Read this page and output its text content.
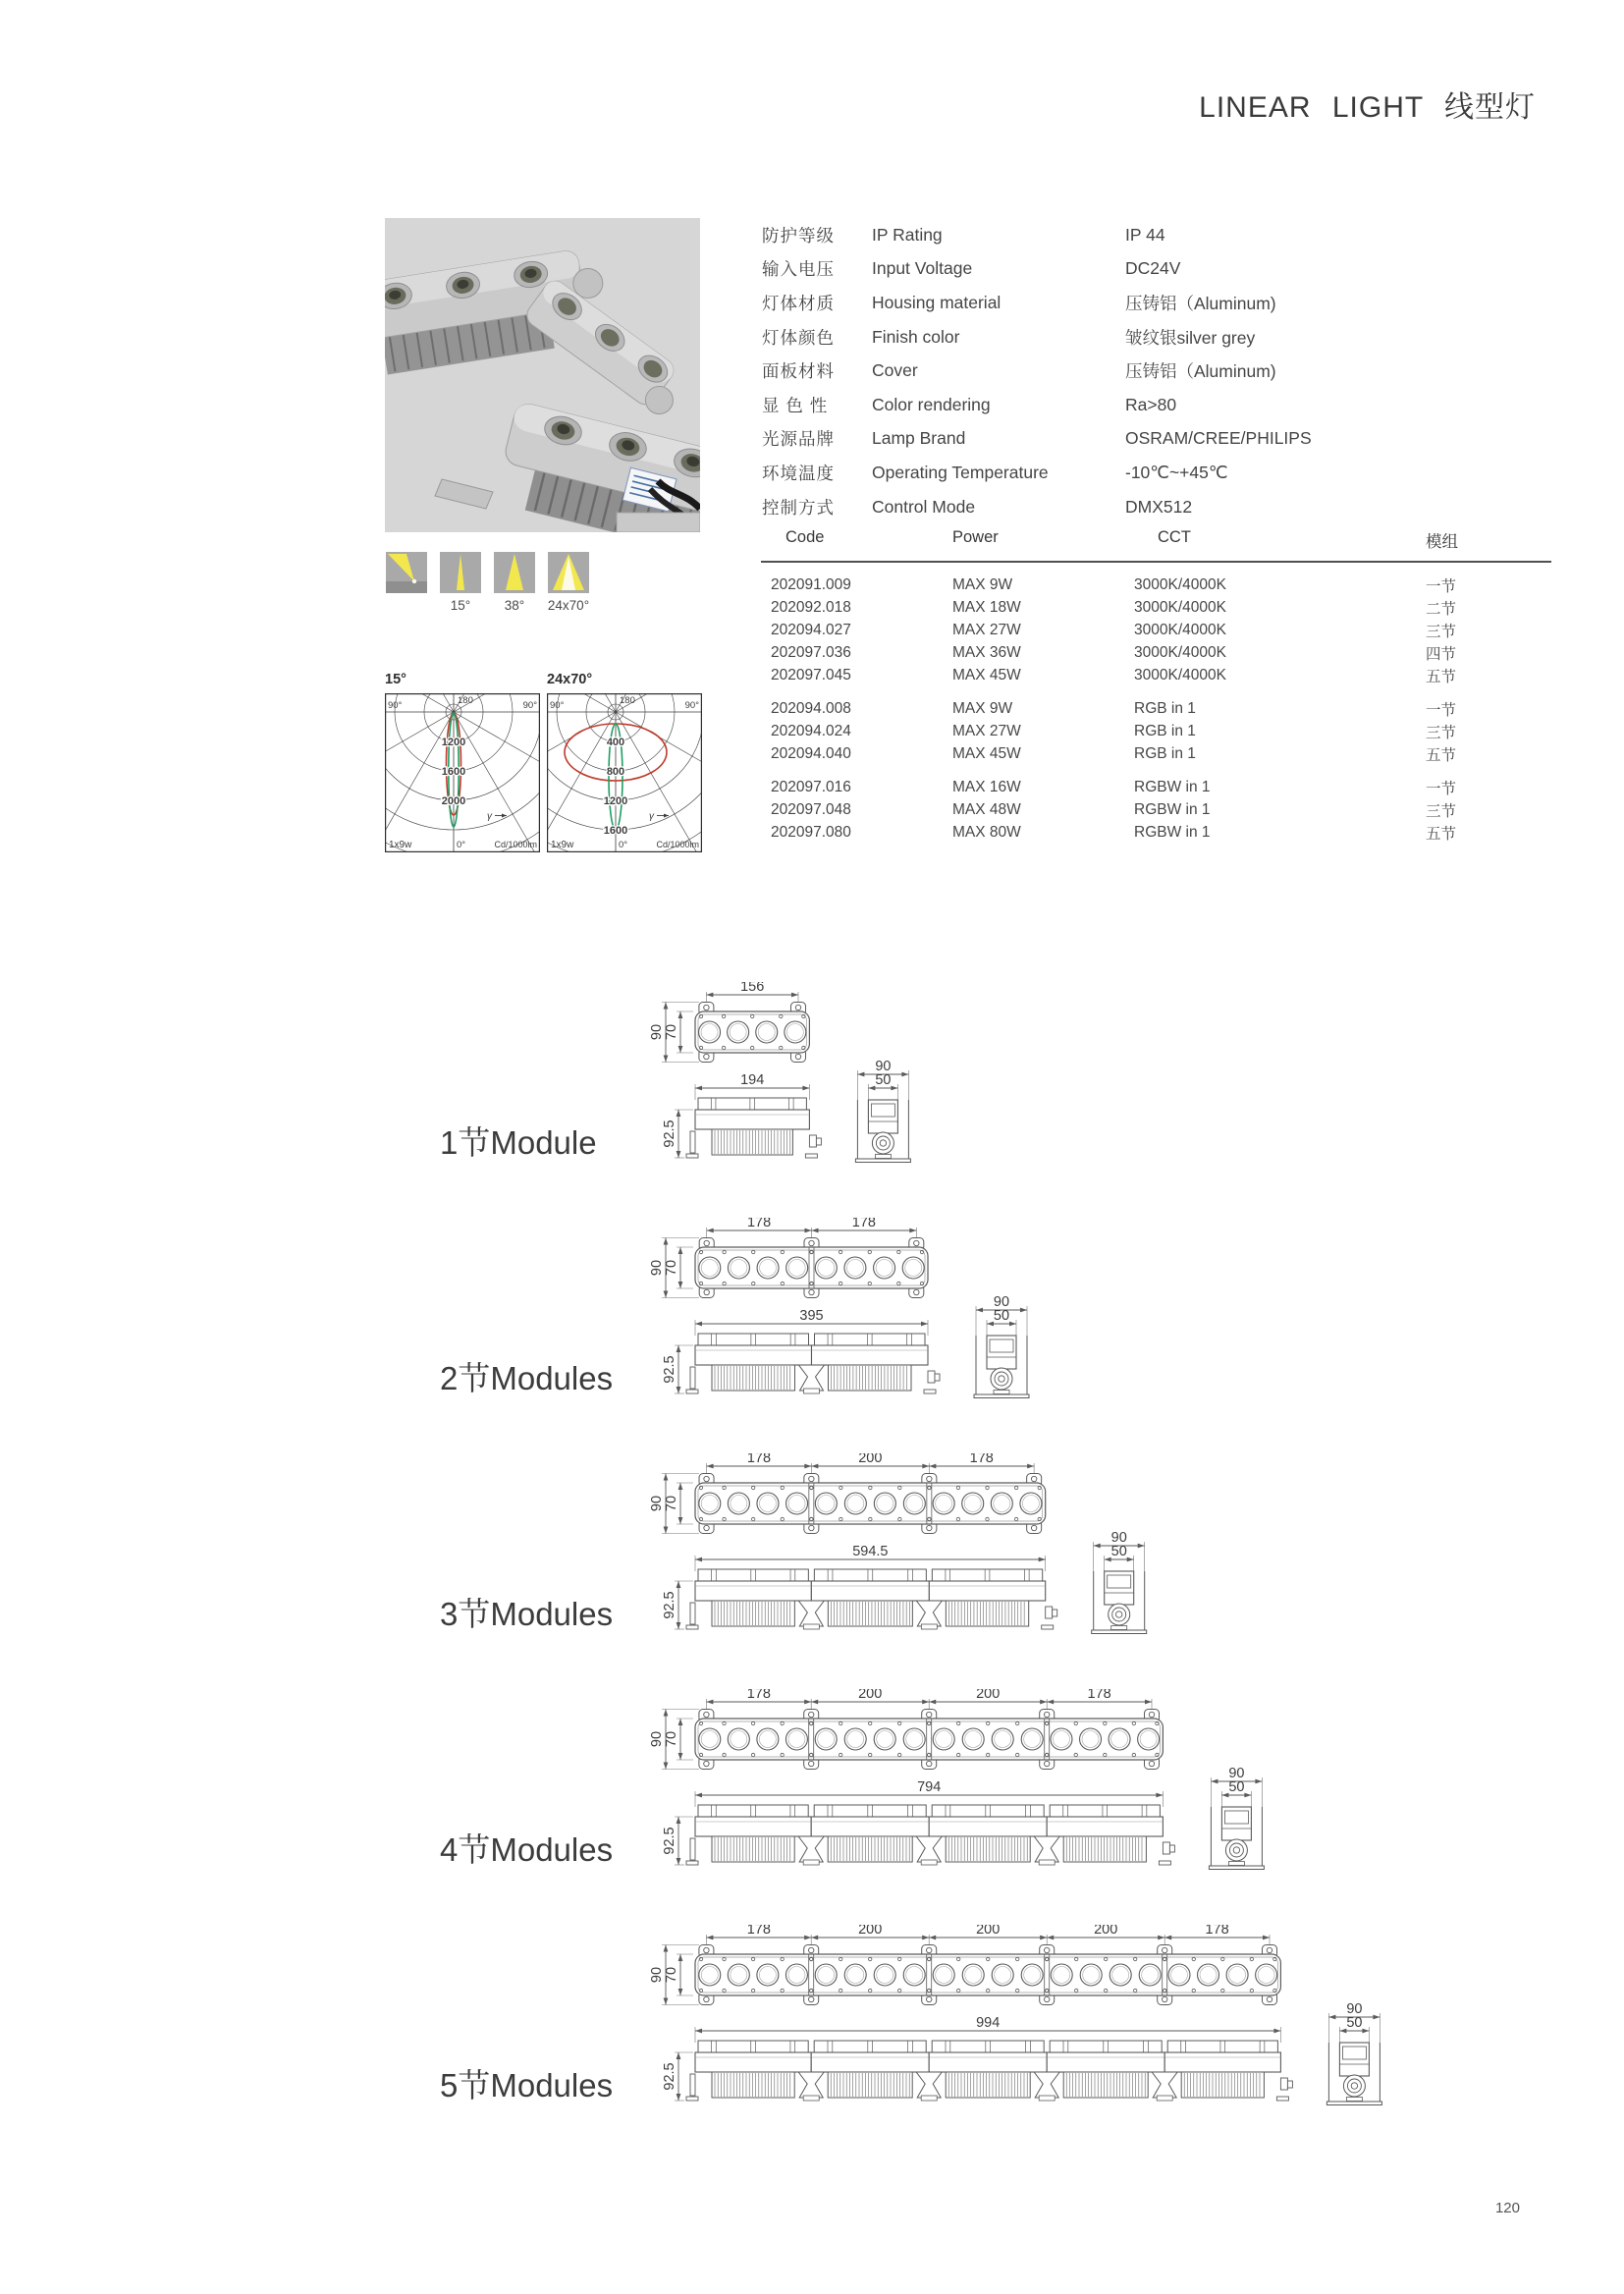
LINEAR LIGHT 线型灯
防护等级	IP Rating	IP 44
输入电压	Input Voltage	DC24V
灯体材质	Housing material	压铸铝（Aluminum)
灯体颜色	Finish color	皱纹银silver grey
面板材料	Cover	压铸铝（Aluminum)
显 色 性	Color rendering	Ra>80
光源品牌	Lamp Brand	OSRAM/CREE/PHILIPS
环境温度	Operating Temperature	-10℃~+45℃
控制方式	Control Mode	DMX512
15°	38°	24x70°
15°
180
90°	90°
1200
1600
2000
1x9w	0°	Cd/1000lm
γ
24x70°
180
90°	90°
400
800
1200
1600
1x9w	0°	Cd/1000lm
γ
Code	Power	CCT	模组
202091.009	MAX 9W	3000K/4000K	一节
202092.018	MAX 18W	3000K/4000K	二节
202094.027	MAX 27W	3000K/4000K	三节
202097.036	MAX 36W	3000K/4000K	四节
202097.045	MAX 45W	3000K/4000K	五节
202094.008	MAX 9W	RGB in 1	一节
202094.024	MAX 27W	RGB in 1	三节
202094.040	MAX 45W	RGB in 1	五节
202097.016	MAX 16W	RGBW in 1	一节
202097.048	MAX 48W	RGBW in 1	三节
202097.080	MAX 80W	RGBW in 1	五节
1节Module
156
90 70
194
92.5
90
50
2节Modules
178	178
90 70
395
92.5
90
50
3节Modules
178	200	178
90 70
594.5
92.5
90
50
4节Modules
178	200	200	178
90 70
794
92.5
90
50
5节Modules
178	200	200	200	178
90 70
994
92.5
90
50
120
